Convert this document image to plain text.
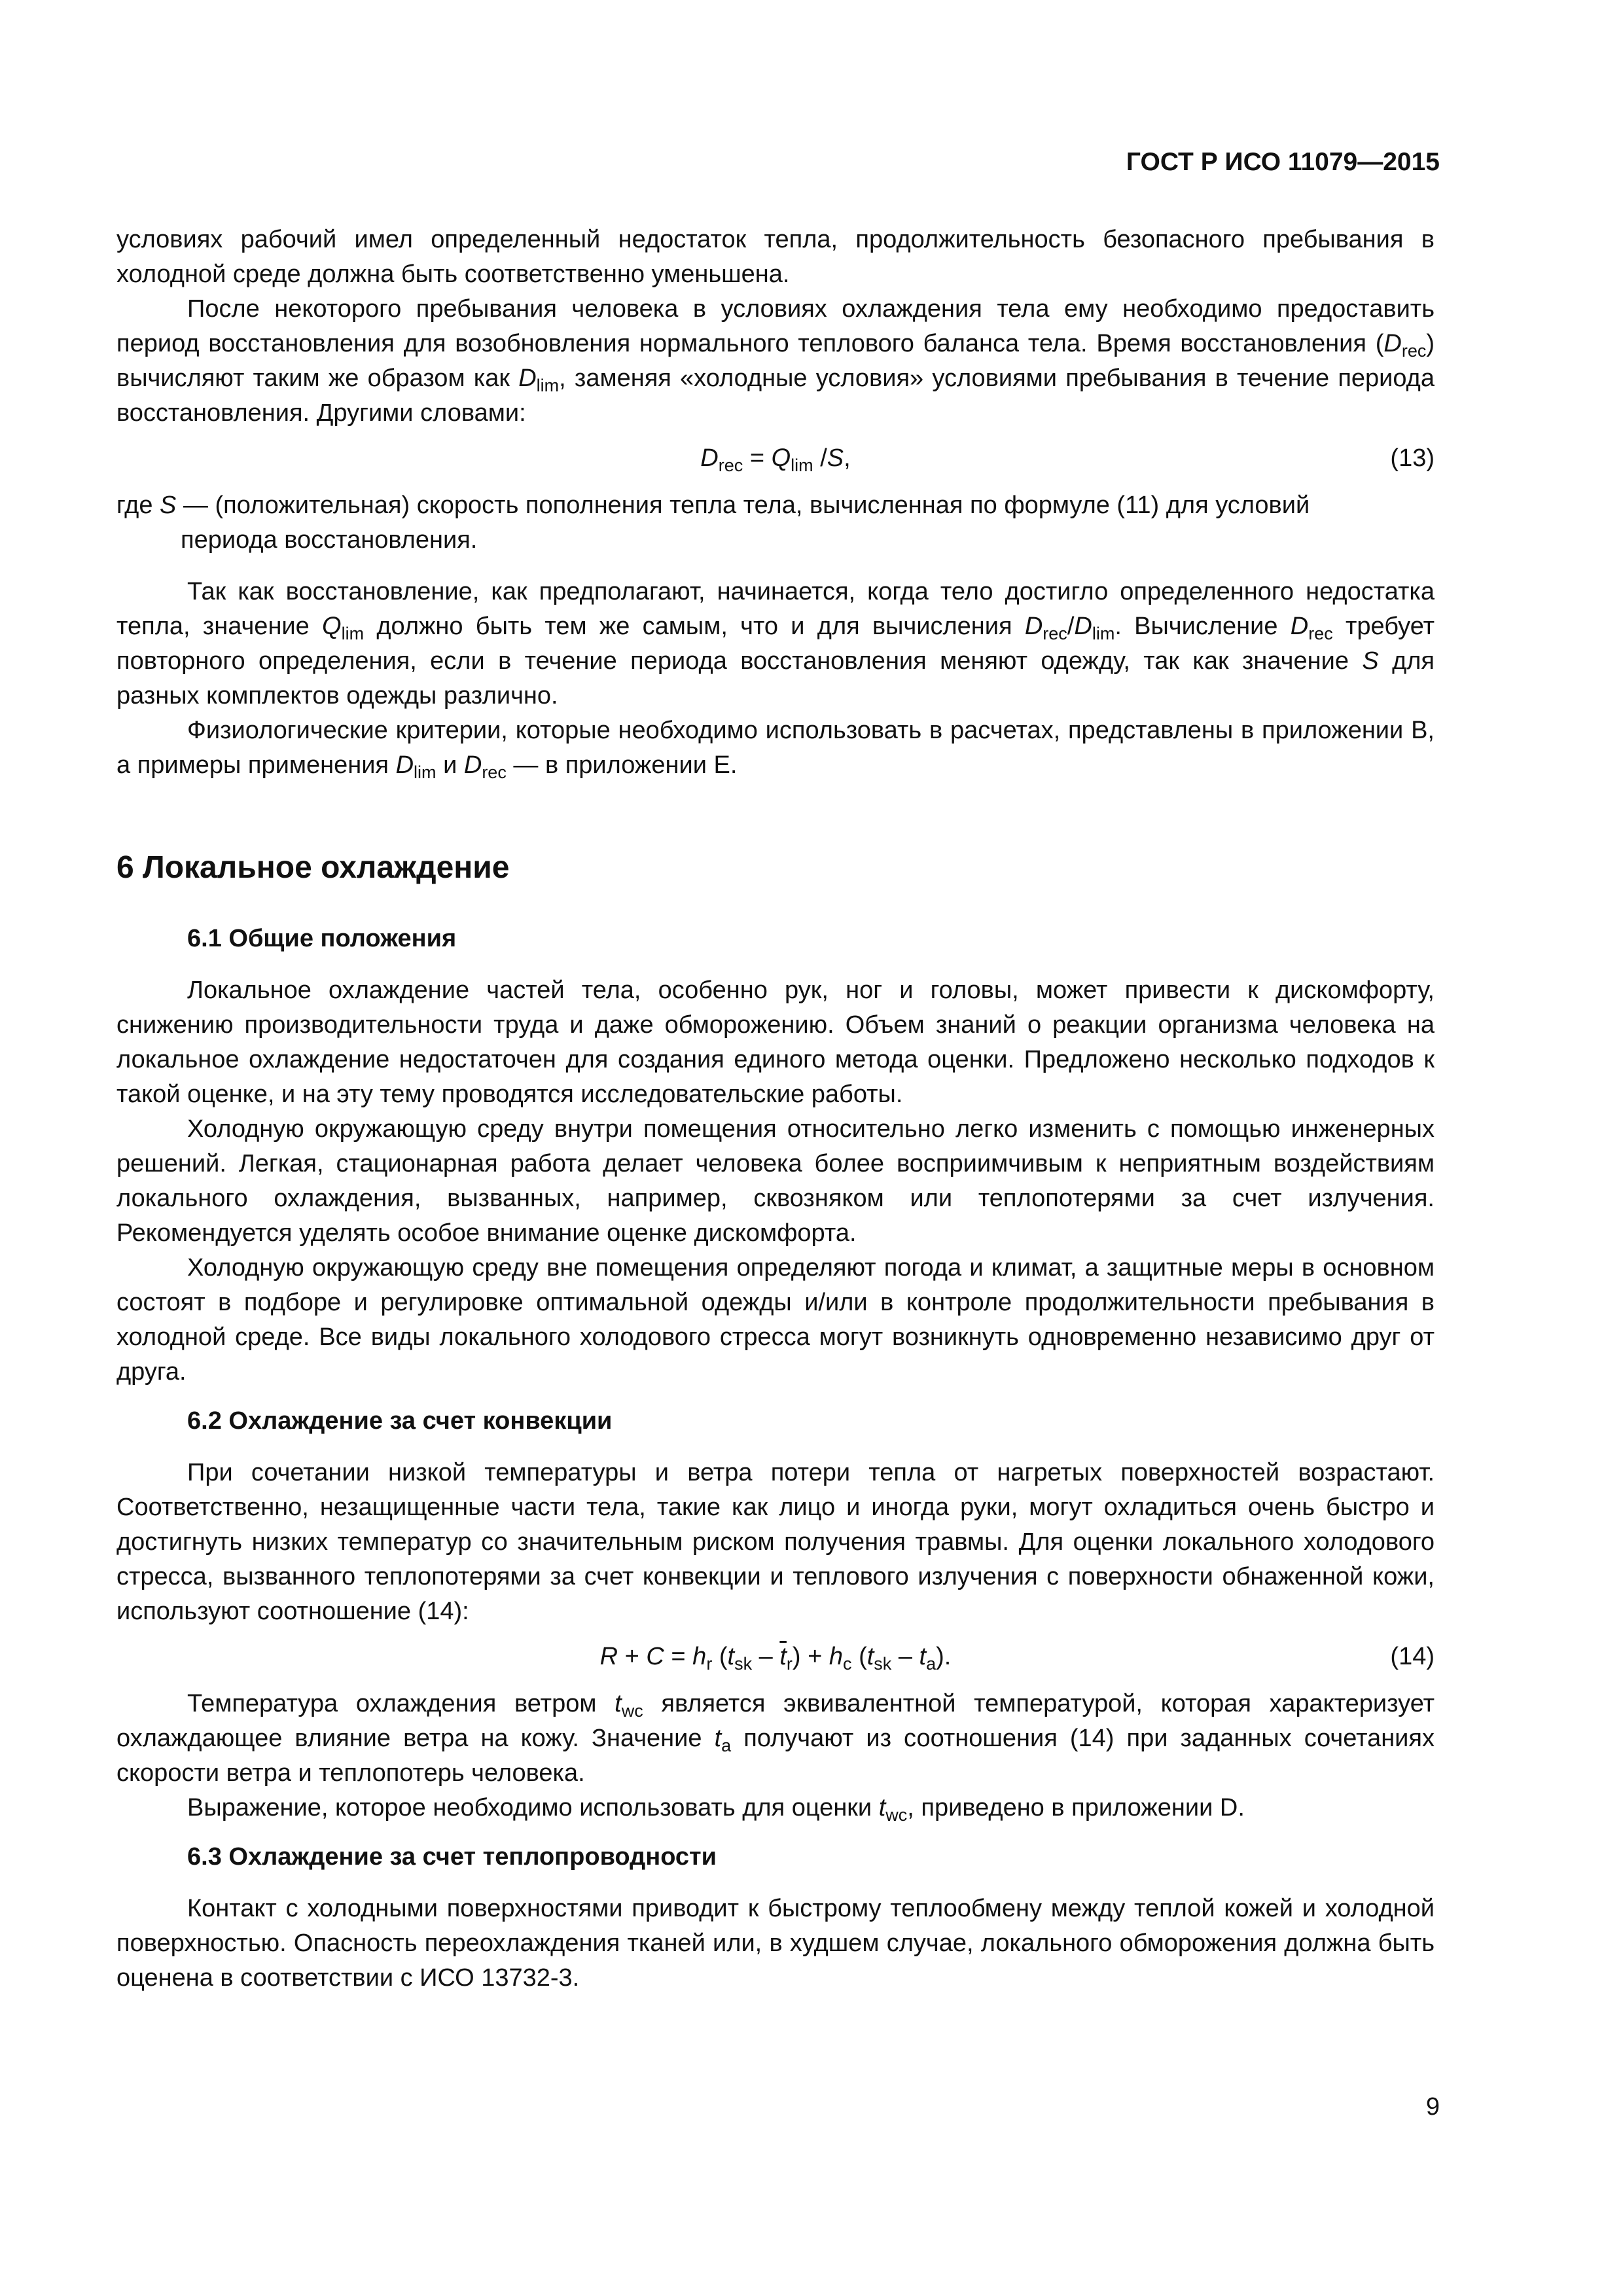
ГОСТ Р ИСО 11079—2015

условиях рабочий имел определенный недостаток тепла, продолжительность безопасного пребывания в холодной среде должна быть соответственно уменьшена.

После некоторого пребывания человека в условиях охлаждения тела ему необходимо предоставить период восстановления для возобновления нормального теплового баланса тела. Время восстановления $(D_{rec})$ вычисляют таким же образом как $D_{lim}$, заменяя «холодные условия» условиями пребывания в течение периода восстановления. Другими словами:

$D_{rec} = Q_{lim}$ /S,	(13)

где S — (положительная) скорость пополнения тепла тела, вычисленная по формуле (11) для условий

периода восстановления.

Так как восстановление, как предполагают, начинается, когда тело достигло определенного недостатка тепла, значение $Q_{lim}$ должно быть тем же самым, что и для вычисления $D_{rec}/D_{lim}$. Вычисление $D_{rec}$ требует повторного определения, если в течение периода восстановления меняют одежду, так как значение S для разных комплектов одежды различно.

Физиологические критерии, которые необходимо использовать в расчетах, представлены в приложении В, а примеры применения $D_{lim}$ и $D_{rec}$ — в приложении Е.

6 Локальное охлаждение
6.1 Общие положения

Локальное охлаждение частей тела, особенно рук, ног и головы, может привести к дискомфорту, снижению производительности труда и даже обморожению. Объем знаний о реакции организма человека на локальное охлаждение недостаточен для создания единого метода оценки. Предложено несколько подходов к такой оценке, и на эту тему проводятся исследовательские работы.

Холодную окружающую среду внутри помещения относительно легко изменить с помощью инженерных решений. Легкая, стационарная работа делает человека более восприимчивым к неприятным воздействиям локального охлаждения, вызванных, например, сквозняком или теплопотерями за счет излучения. Рекомендуется уделять особое внимание оценке дискомфорта.

Холодную окружающую среду вне помещения определяют погода и климат, а защитные меры в основном состоят в подборе и регулировке оптимальной одежды и/или в контроле продолжительности пребывания в холодной среде. Все виды локального холодового стресса могут возникнуть одновременно независимо друг от друга.

6.2 Охлаждение за счет конвекции

При сочетании низкой температуры и ветра потери тепла от нагретых поверхностей возрастают. Соответственно, незащищенные части тела, такие как лицо и иногда руки, могут охладиться очень быстро и достигнуть низких температур со значительным риском получения травмы. Для оценки локального холодового стресса, вызванного теплопотерями за счет конвекции и теплового излучения с поверхности обнаженной кожи, используют соотношение (14):

$R + C = h_r$ $(t_{sk} - \overline{t}_r) + h_c$ $(t_{sk} - t_a)$.	(14)

Температура охлаждения ветром $t_{wc}$ является эквивалентной температурой, которая характеризует охлаждающее влияние ветра на кожу. Значение $t_a$ получают из соотношения (14) при заданных сочетаниях скорости ветра и теплопотерь человека.

Выражение, которое необходимо использовать для оценки $t_{wc}$, приведено в приложении D.

6.3 Охлаждение за счет теплопроводности

Контакт с холодными поверхностями приводит к быстрому теплообмену между теплой кожей и холодной поверхностью. Опасность переохлаждения тканей или, в худшем случае, локального обморожения должна быть оценена в соответствии с ИСО 13732-3.

9
